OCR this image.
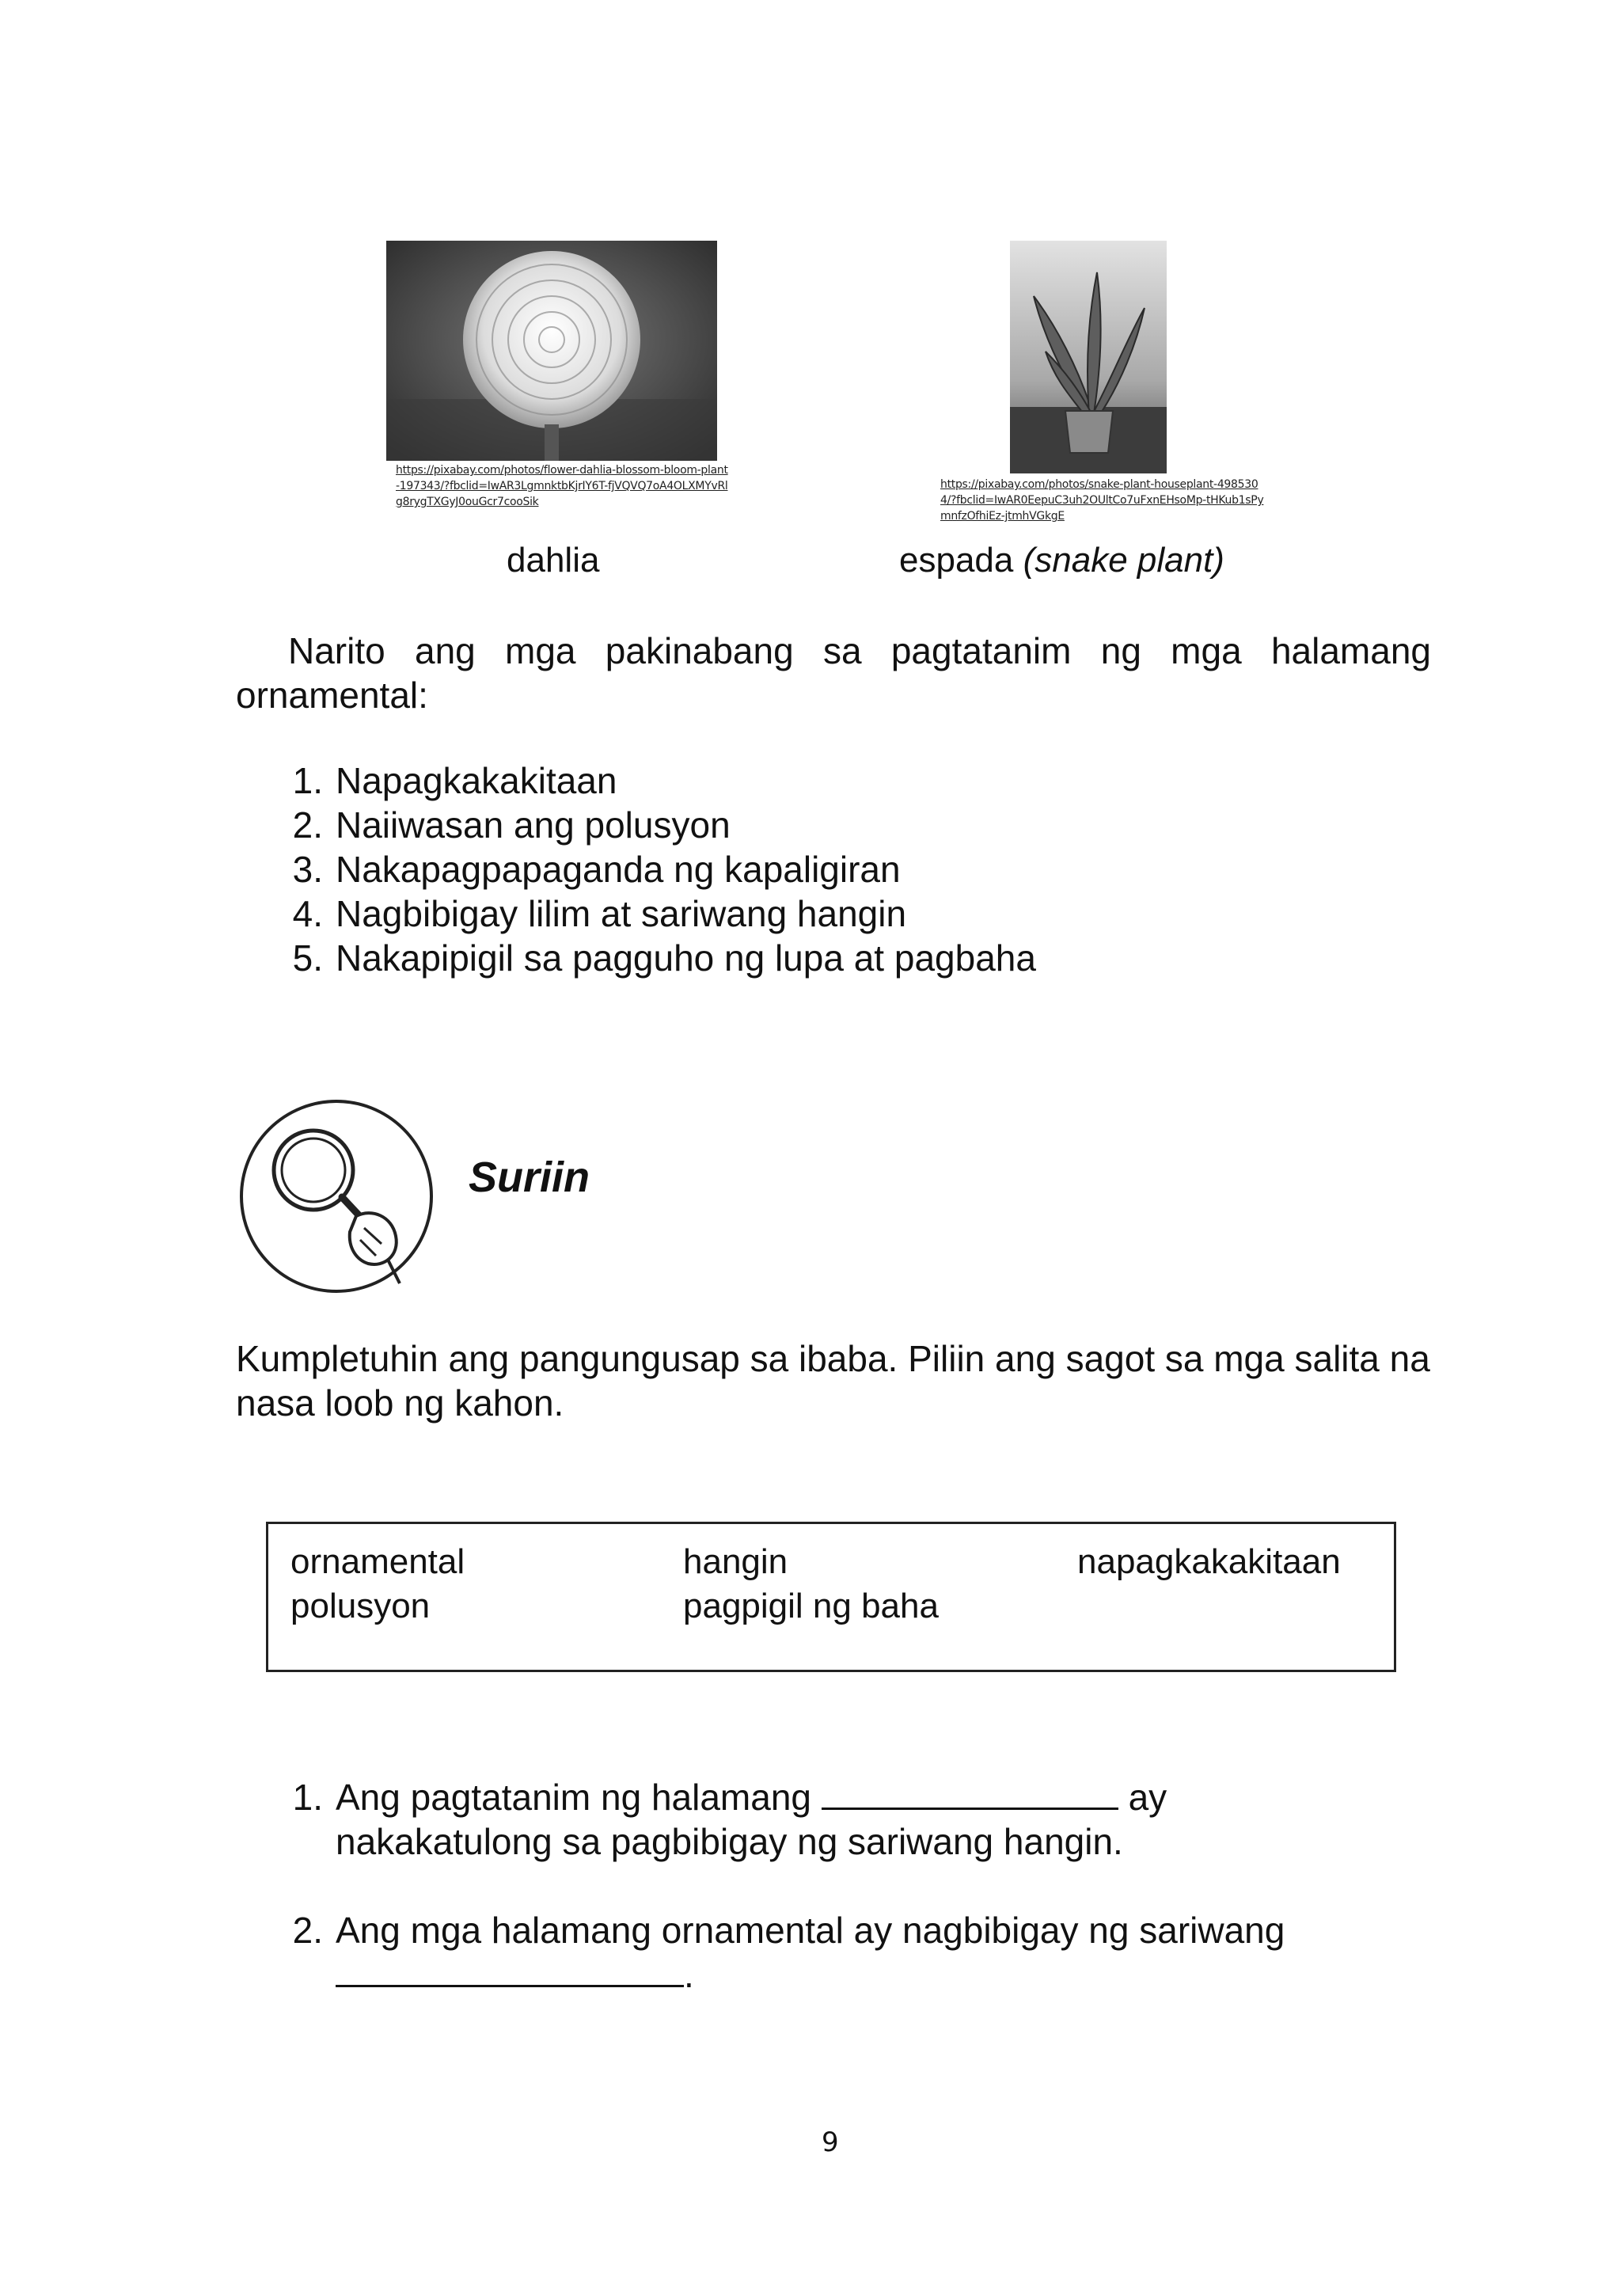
https://pixabay.com/photos/flower-dahlia-blossom-bloom-plant-197343/?fbclid=IwAR3LgmnktbKjrIY6T-fjVQVQ7oA4OLXMYvRlg8rygTXGyJ0ouGcr7cooSik
dahlia
https://pixabay.com/photos/snake-plant-houseplant-4985304/?fbclid=IwAR0EepuC3uh2OUltCo7uFxnEHsoMp-tHKub1sPymnfzOfhiEz-jtmhVGkgE
espada (snake plant)
Narito ang mga pakinabang sa pagtatanim ng mga halamang ornamental:
1. Napagkakakitaan
2. Naiiwasan ang polusyon
3. Nakapagpapaganda ng kapaligiran
4. Nagbibigay lilim at sariwang hangin
5. Nakapipigil sa pagguho ng lupa at pagbaha
Suriin
Kumpletuhin ang pangungusap sa ibaba. Piliin ang sagot sa mga salita na nasa loob ng kahon.
ornamental	hangin	napagkakakitaan
polusyon	pagpigil ng baha
1. Ang pagtatanim ng halamang	ay
nakakatulong sa pagbibigay ng sariwang hangin.
2. Ang mga halamang ornamental ay nagbibigay ng sariwang
.
9
